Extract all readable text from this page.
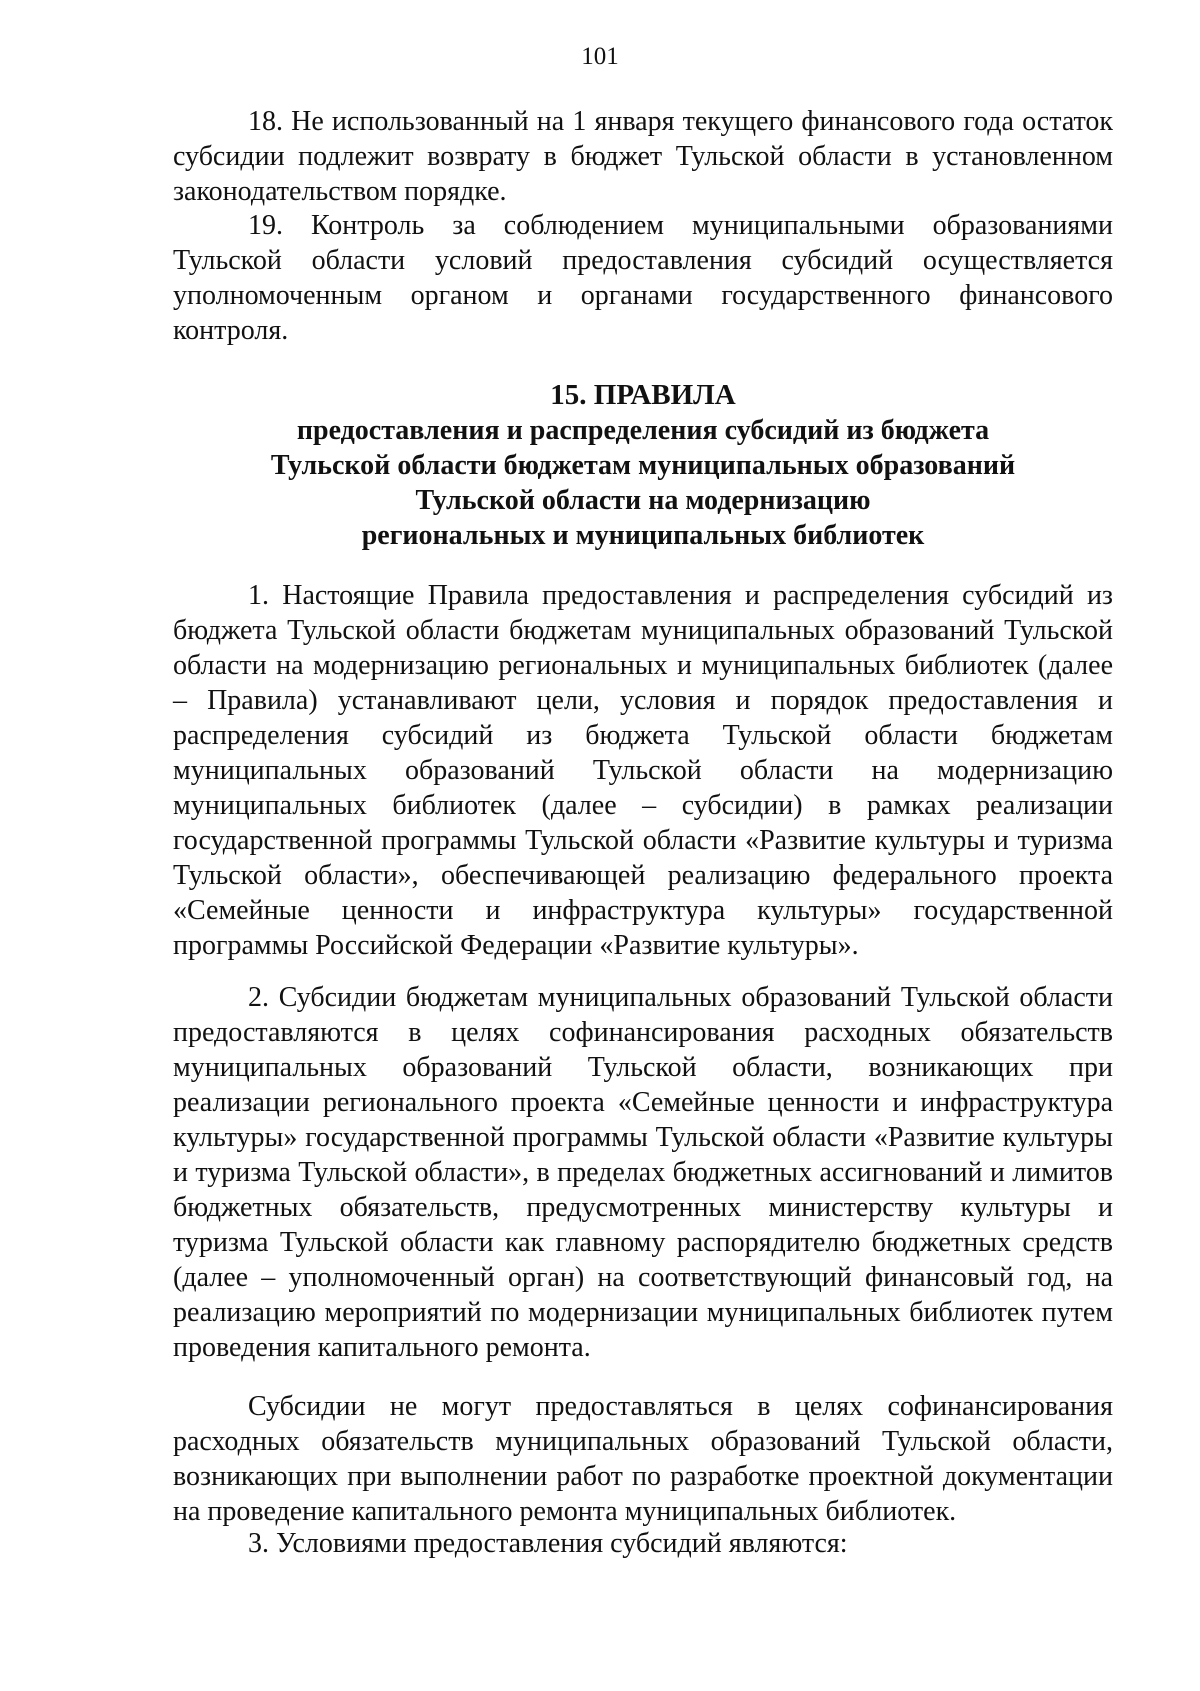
101

18. Не использованный на 1 января текущего финансового года остаток субсидии подлежит возврату в бюджет Тульской области в установленном законодательством порядке.

19. Контроль за соблюдением муниципальными образованиями Тульской области условий предоставления субсидий осуществляется уполномоченным органом и органами государственного финансового контроля.

15. ПРАВИЛА
предоставления и распределения субсидий из бюджета
Тульской области бюджетам муниципальных образований
Тульской области на модернизацию
региональных и муниципальных библиотек

1. Настоящие Правила предоставления и распределения субсидий из бюджета Тульской области бюджетам муниципальных образований Тульской области на модернизацию региональных и муниципальных библиотек (далее – Правила) устанавливают цели, условия и порядок предоставления и распределения субсидий из бюджета Тульской области бюджетам муниципальных образований Тульской области на модернизацию муниципальных библиотек (далее – субсидии) в рамках реализации государственной программы Тульской области «Развитие культуры и туризма Тульской области», обеспечивающей реализацию федерального проекта «Семейные ценности и инфраструктура культуры» государственной программы Российской Федерации «Развитие культуры».

2. Субсидии бюджетам муниципальных образований Тульской области предоставляются в целях софинансирования расходных обязательств муниципальных образований Тульской области, возникающих при реализации регионального проекта «Семейные ценности и инфраструктура культуры» государственной программы Тульской области «Развитие культуры и туризма Тульской области», в пределах бюджетных ассигнований и лимитов бюджетных обязательств, предусмотренных министерству культуры и туризма Тульской области как главному распорядителю бюджетных средств (далее – уполномоченный орган) на соответствующий финансовый год, на реализацию мероприятий по модернизации муниципальных библиотек путем проведения капитального ремонта.

Субсидии не могут предоставляться в целях софинансирования расходных обязательств муниципальных образований Тульской области, возникающих при выполнении работ по разработке проектной документации на проведение капитального ремонта муниципальных библиотек.

3. Условиями предоставления субсидий являются:
